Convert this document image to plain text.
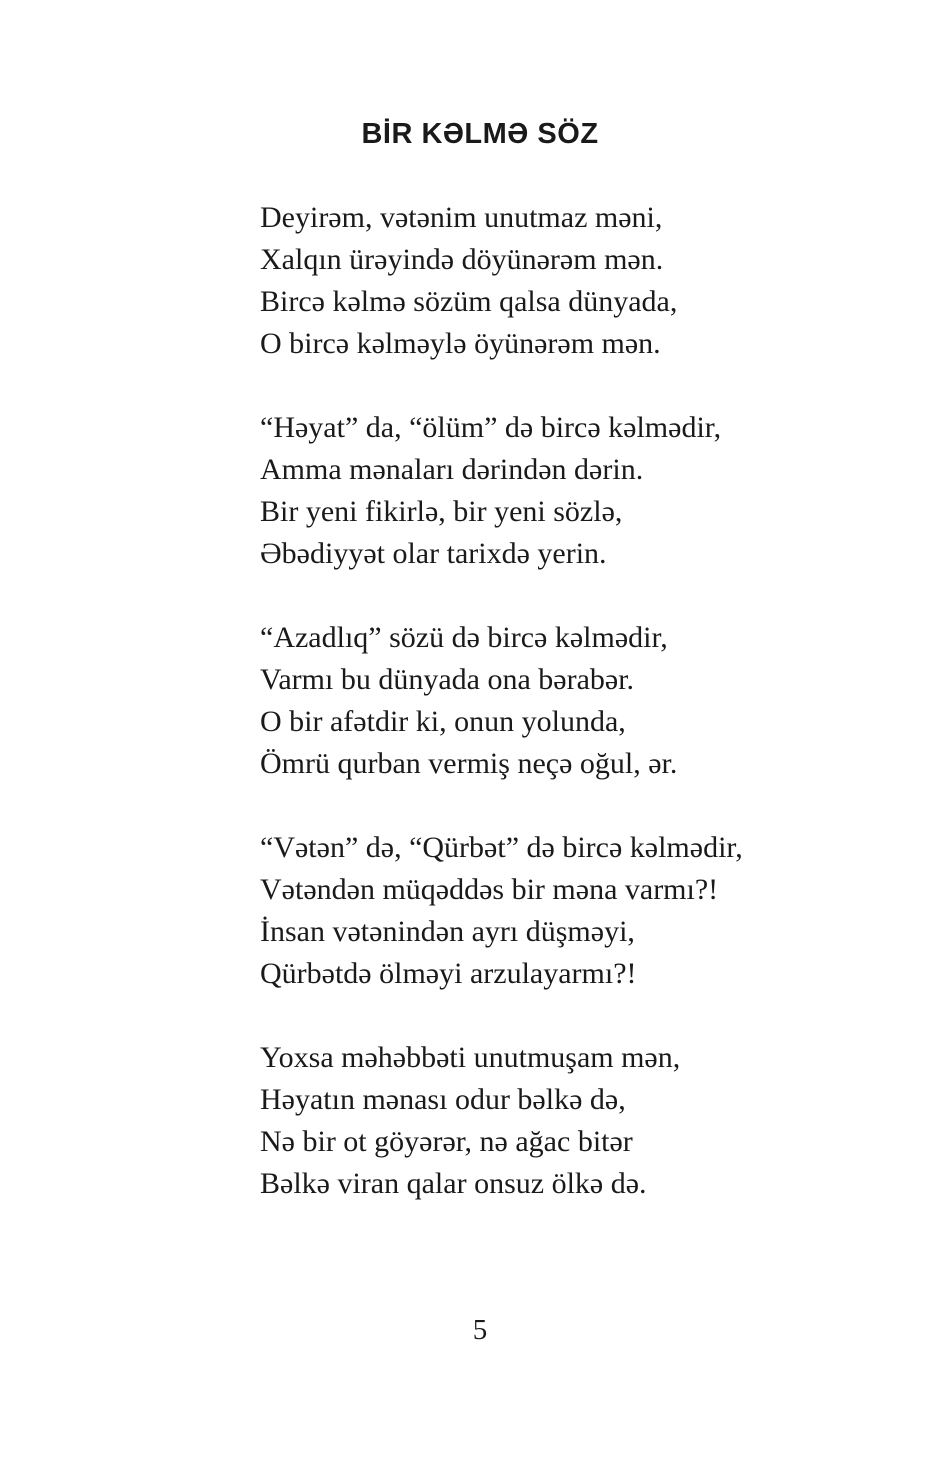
BİR KƏLMƏ SÖZ
Deyirəm, vətənim unutmaz məni,
Xalqın ürəyində döyünərəm mən.
Bircə kəlmə sözüm qalsa dünyada,
O bircə kəlməylə öyünərəm mən.
“Həyat” da, “ölüm” də bircə kəlmədir,
Amma mənaları dərindən dərin.
Bir yeni fikirlə, bir yeni sözlə,
Əbədiyyət olar tarixdə yerin.
“Azadlıq” sözü də bircə kəlmədir,
Varmı bu dünyada ona bərabər.
O bir afətdir ki, onun yolunda,
Ömrü qurban vermiş neçə oğul, ər.
“Vətən” də, “Qürbət” də bircə kəlmədir,
Vətəndən müqəddəs bir məna varmı?!
İnsan vətənindən ayrı düşməyi,
Qürbətdə ölməyi arzulayarmı?!
Yoxsa məhəbbəti unutmuşam mən,
Həyatın mənası odur bəlkə də,
Nə bir ot göyərər, nə ağac bitər
Bəlkə viran qalar onsuz ölkə də.
5
